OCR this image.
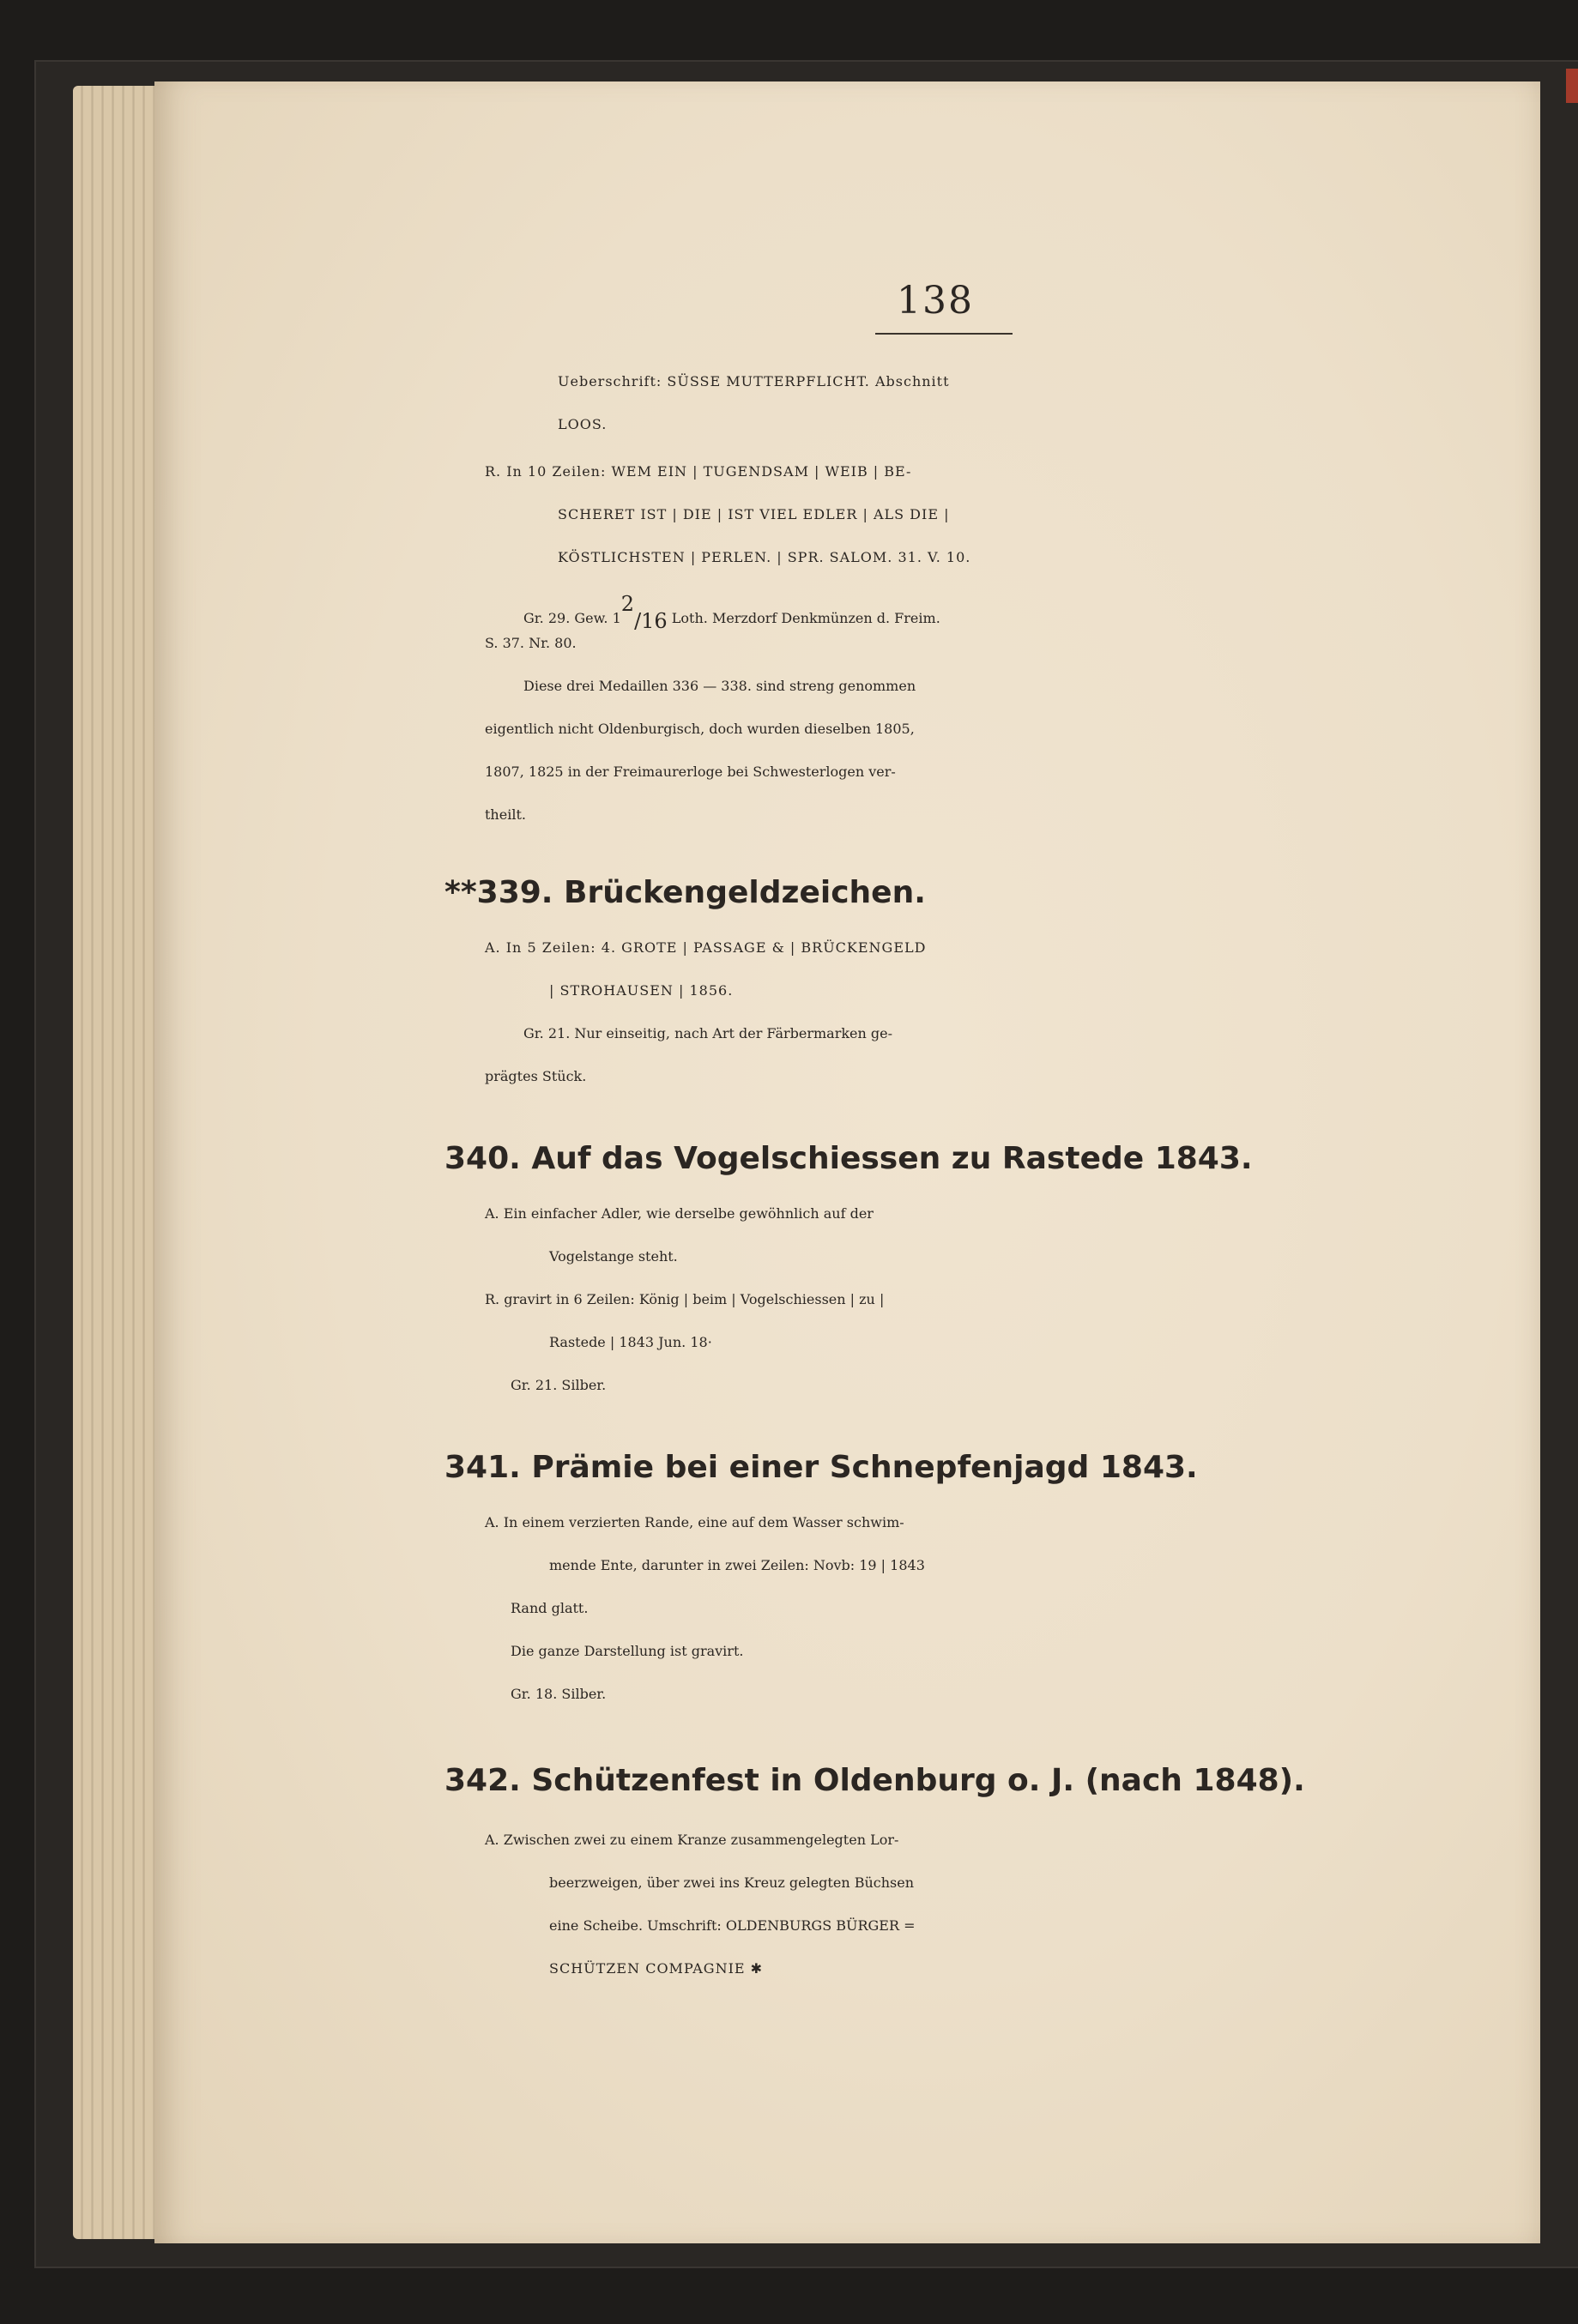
138
Ueberschrift: SÜSSE MUTTERPFLICHT. Abschnitt
LOOS.
R. In 10 Zeilen: WEM EIN | TUGENDSAM | WEIB | BE-
SCHERET IST | DIE | IST VIEL EDLER | ALS DIE |
KÖSTLICHSTEN | PERLEN. | SPR. SALOM. 31. V. 10.
Gr. 29. Gew. 12/16 Loth. Merzdorf Denkmünzen d. Freim.
S. 37. Nr. 80.
Diese drei Medaillen 336 — 338. sind streng genommen
eigentlich nicht Oldenburgisch, doch wurden dieselben 1805,
1807, 1825 in der Freimaurerloge bei Schwesterlogen ver-
theilt.
**339. Brückengeldzeichen.
A. In 5 Zeilen: 4. GROTE | PASSAGE & | BRÜCKENGELD
| STROHAUSEN | 1856.
Gr. 21. Nur einseitig, nach Art der Färbermarken ge-
prägtes Stück.
340. Auf das Vogelschiessen zu Rastede 1843.
A. Ein einfacher Adler, wie derselbe gewöhnlich auf der
Vogelstange steht.
R. gravirt in 6 Zeilen: König | beim | Vogelschiessen | zu |
Rastede | 1843 Jun. 18·
Gr. 21. Silber.
341. Prämie bei einer Schnepfenjagd 1843.
A. In einem verzierten Rande, eine auf dem Wasser schwim-
mende Ente, darunter in zwei Zeilen: Novb: 19 | 1843
Rand glatt.
Die ganze Darstellung ist gravirt.
Gr. 18. Silber.
342. Schützenfest in Oldenburg o. J. (nach 1848).
A. Zwischen zwei zu einem Kranze zusammengelegten Lor-
beerzweigen, über zwei ins Kreuz gelegten Büchsen
eine Scheibe. Umschrift: OLDENBURGS BÜRGER =
SCHÜTZEN COMPAGNIE ✱
